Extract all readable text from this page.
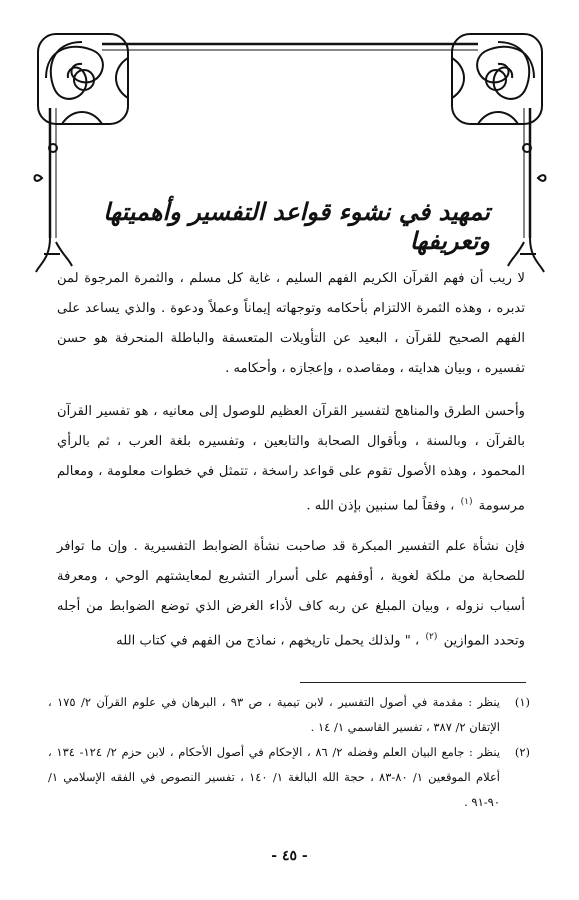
تمهيد في نشوء قواعد التفسير وأهميتها وتعريفها

لا ريب أن فهم القرآن الكريم الفهم السليم ، غاية كل مسلم ، والثمرة المرجوة لمن تدبره ، وهذه الثمرة الالتزام بأحكامه وتوجهاته إيماناً وعملاً ودعوة . والذي يساعد على الفهم الصحيح للقرآن ، البعيد عن التأويلات المتعسفة والباطلة المنحرفة هو حسن تفسيره ، وبيان هدايته ، ومقاصده ، وإعجازه ، وأحكامه .

وأحسن الطرق والمناهج لتفسير القرآن العظيم للوصول إلى معانيه ، هو تفسير القرآن بالقرآن ، وبالسنة ، وبأقوال الصحابة والتابعين ، وتفسيره بلغة العرب ، ثم بالرأي المحمود ، وهذه الأصول تقوم على قواعد راسخة ، تتمثل في خطوات معلومة ، ومعالم مرسومة $^{(١)}$ ، وفقاً لما سنبين بإذن الله .

فإن نشأة علم التفسير المبكرة قد صاحبت نشأة الضوابط التفسيرية . وإن ما توافر للصحابة من ملكة لغوية ، أوقفهم على أسرار التشريع لمعايشتهم الوحي ، ومعرفة أسباب نزوله ، وبيان المبلغ عن ربه كاف لأداء الغرض الذي توضع الضوابط من أجله وتحدد الموازين $^{(٢)}$ ، " ولذلك يحمل تاريخهم ، نماذج من الفهم في كتاب الله

(١)
ينظر : مقدمة في أصول التفسير ، لابن تيمية ، ص ٩٣ ، البرهان في علوم القرآن ٢/ ١٧٥ ، الإتقان ٢/ ٣٨٧ ، تفسير القاسمي ١/ ١٤ .
(٢)
ينظر : جامع البيان العلم وفضله ٢/ ٨٦ ، الإحكام في أصول الأحكام ، لابن حزم ٢/ ١٢٤- ١٣٤ ، أعلام الموقعين ١/ ٨٠-٨٣ ، حجة الله البالغة ١/ ١٤٠ ، تفسير النصوص في الفقه الإسلامي ١/ ٩٠-٩١ .
- ٤٥ -
